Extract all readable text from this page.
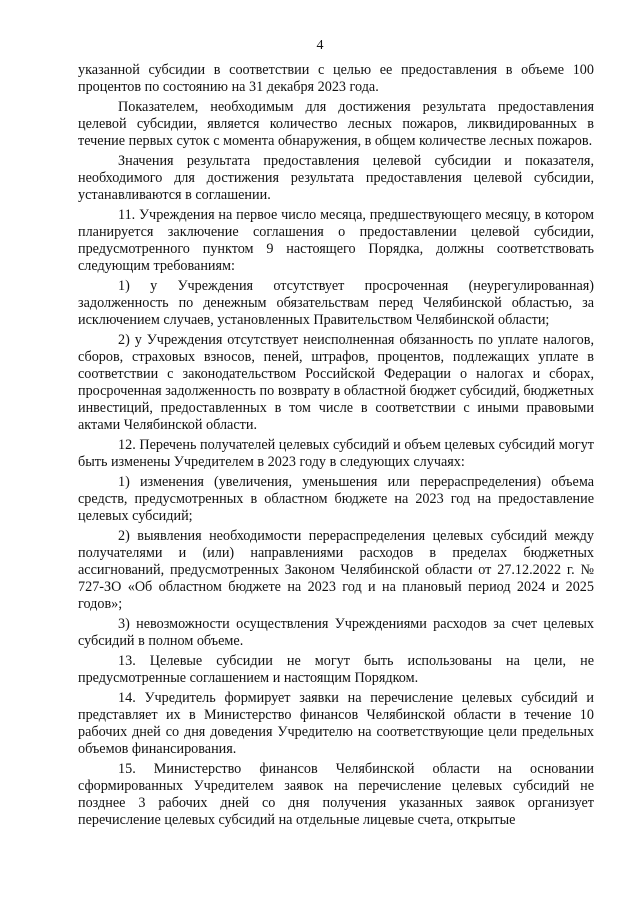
4

указанной субсидии в соответствии с целью ее предоставления в объеме 100 процентов по состоянию на 31 декабря 2023 года.

Показателем, необходимым для достижения результата предоставления целевой субсидии, является количество лесных пожаров, ликвидированных в течение первых суток с момента обнаружения, в общем количестве лесных пожаров.

Значения результата предоставления целевой субсидии и показателя, необходимого для достижения результата предоставления целевой субсидии, устанавливаются в соглашении.

11. Учреждения на первое число месяца, предшествующего месяцу, в котором планируется заключение соглашения о предоставлении целевой субсидии, предусмотренного пунктом 9 настоящего Порядка, должны соответствовать следующим требованиям:

1) у Учреждения отсутствует просроченная (неурегулированная) задолженность по денежным обязательствам перед Челябинской областью, за исключением случаев, установленных Правительством Челябинской области;

2) у Учреждения отсутствует неисполненная обязанность по уплате налогов, сборов, страховых взносов, пеней, штрафов, процентов, подлежащих уплате в соответствии с законодательством Российской Федерации о налогах и сборах, просроченная задолженность по возврату в областной бюджет субсидий, бюджетных инвестиций, предоставленных в том числе в соответствии с иными правовыми актами Челябинской области.

12. Перечень получателей целевых субсидий и объем целевых субсидий могут быть изменены Учредителем в 2023 году в следующих случаях:

1) изменения (увеличения, уменьшения или перераспределения) объема средств, предусмотренных в областном бюджете на 2023 год на предоставление целевых субсидий;

2) выявления необходимости перераспределения целевых субсидий между получателями и (или) направлениями расходов в пределах бюджетных ассигнований, предусмотренных Законом Челябинской области от 27.12.2022 г. № 727-ЗО «Об областном бюджете на 2023 год и на плановый период 2024 и 2025 годов»;

3) невозможности осуществления Учреждениями расходов за счет целевых субсидий в полном объеме.

13. Целевые субсидии не могут быть использованы на цели, не предусмотренные соглашением и настоящим Порядком.

14. Учредитель формирует заявки на перечисление целевых субсидий и представляет их в Министерство финансов Челябинской области в течение 10 рабочих дней со дня доведения Учредителю на соответствующие цели предельных объемов финансирования.

15. Министерство финансов Челябинской области на основании сформированных Учредителем заявок на перечисление целевых субсидий не позднее 3 рабочих дней со дня получения указанных заявок организует перечисление целевых субсидий на отдельные лицевые счета, открытые
